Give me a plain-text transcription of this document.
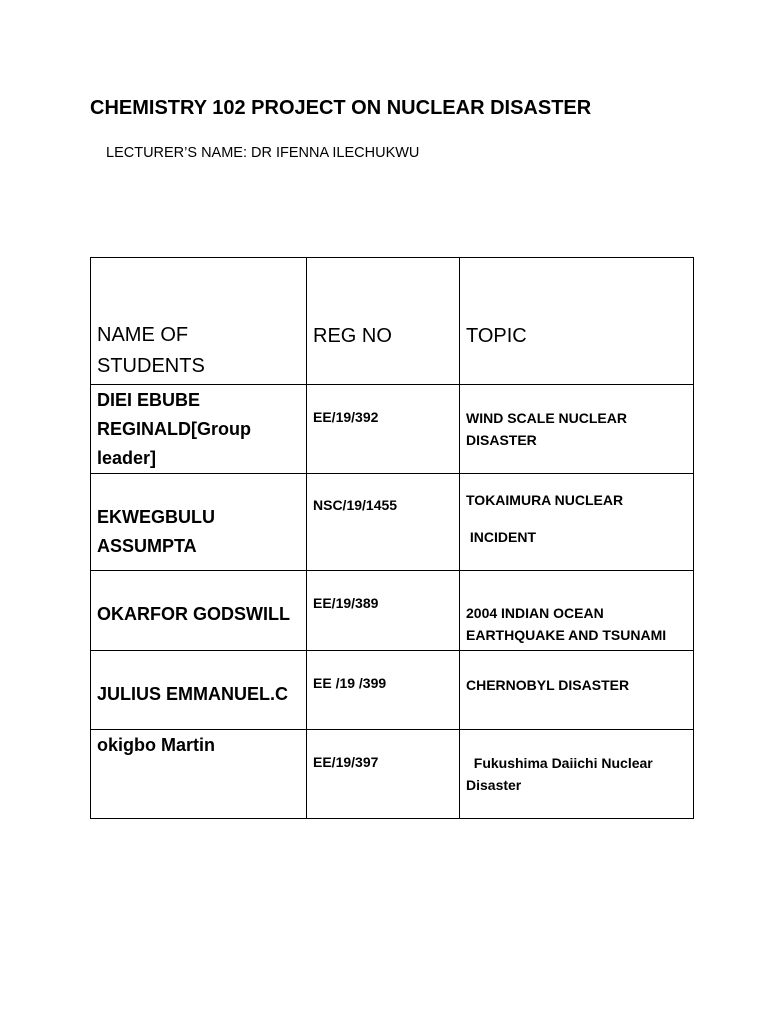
CHEMISTRY 102 PROJECT ON NUCLEAR DISASTER
LECTURER’S NAME: DR IFENNA ILECHUKWU
NAME OF STUDENTS	REG NO	TOPIC
DIEI EBUBE REGINALD[Group leader]	EE/19/392	WIND SCALE NUCLEAR DISASTER

EKWEGBULU ASSUMPTA	NSC/19/1455	TOKAIMURA NUCLEAR
INCIDENT

OKARFOR GODSWILL	EE/19/389	2004 INDIAN OCEAN EARTHQUAKE AND TSUNAMI

JULIUS EMMANUEL.C	EE /19 /399	CHERNOBYL DISASTER

okigbo Martin	EE/19/397	Fukushima Daiichi Nuclear Disaster
